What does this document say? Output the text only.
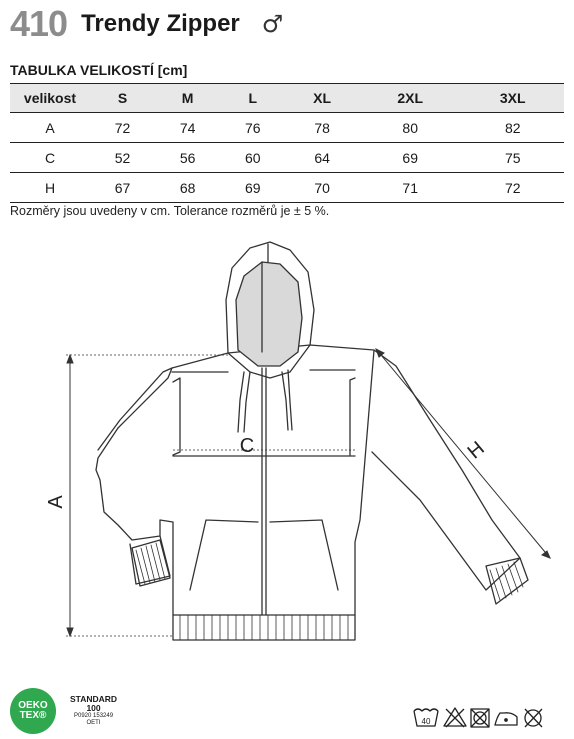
410 Trendy Zipper ♂
TABULKA VELIKOSTÍ [cm]
velikost	S	M	L	XL	2XL	3XL
A	72	74	76	78	80	82
C	52	56	60	64	69	75
H	67	68	69	70	71	72
Rozměry jsou uvedeny v cm. Tolerance rozměrů je ± 5 %.
A
C	H
OEKO
TEX®
STANDARD
100
P0920 153249
OETI	40
